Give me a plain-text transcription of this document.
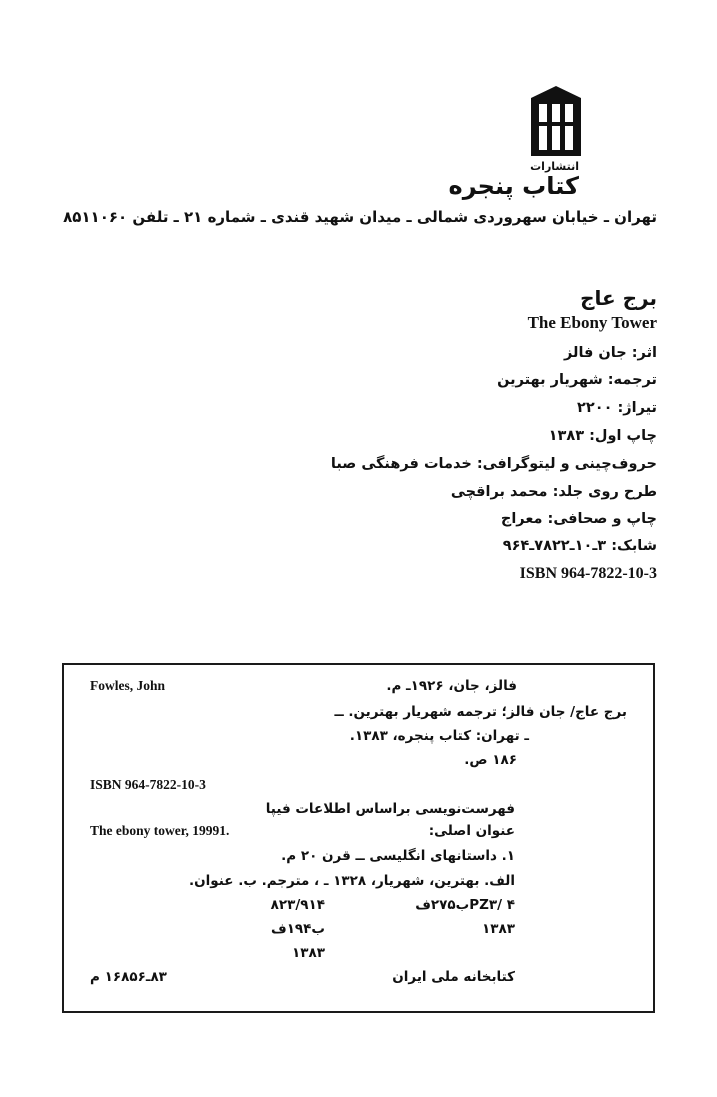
انتشارات
کتاب پنجره
تهران ـ خیابان سهروردی شمالی ـ میدان شهید قندی ـ شماره ۲۱ ـ تلفن ۸۵۱۱۰۶۰
برج عاج
The Ebony Tower
اثر: جان فالز
ترجمه: شهریار بهترین
تیراژ: ۲۲۰۰
چاپ اول: ۱۳۸۳
حروف‌چینی و لیتوگرافی: خدمات فرهنگی صبا
طرح روی جلد: محمد براقچی
چاپ و صحافی: معراج
شابک: ۳ـ۱۰ـ۷۸۲۲ـ۹۶۴
ISBN 964-7822-10-3
Fowles, John	فالز، جان، ۱۹۲۶ـ م.
برج عاج/ جان فالز؛ ترجمه شهریار بهترین. ــ
ـ تهران: کتاب پنجره، ۱۳۸۳.
۱۸۶ ص.
ISBN 964-7822-10-3
فهرست‌نویسی براساس اطلاعات فیپا
The ebony tower, 19991.	عنوان اصلی:
۱. داستانهای انگلیسی ــ قرن ۲۰ م.
الف. بهترین، شهریار، ۱۳۲۸ ـ ، مترجم. ب. عنوان.
PZ۳/ ۴ب۲۷۵ف
۱۳۸۳
۸۲۳/۹۱۴
ب۱۹۴ف
۱۳۸۳
کتابخانه ملی ایران
۸۳ـ۱۶۸۵۶ م
